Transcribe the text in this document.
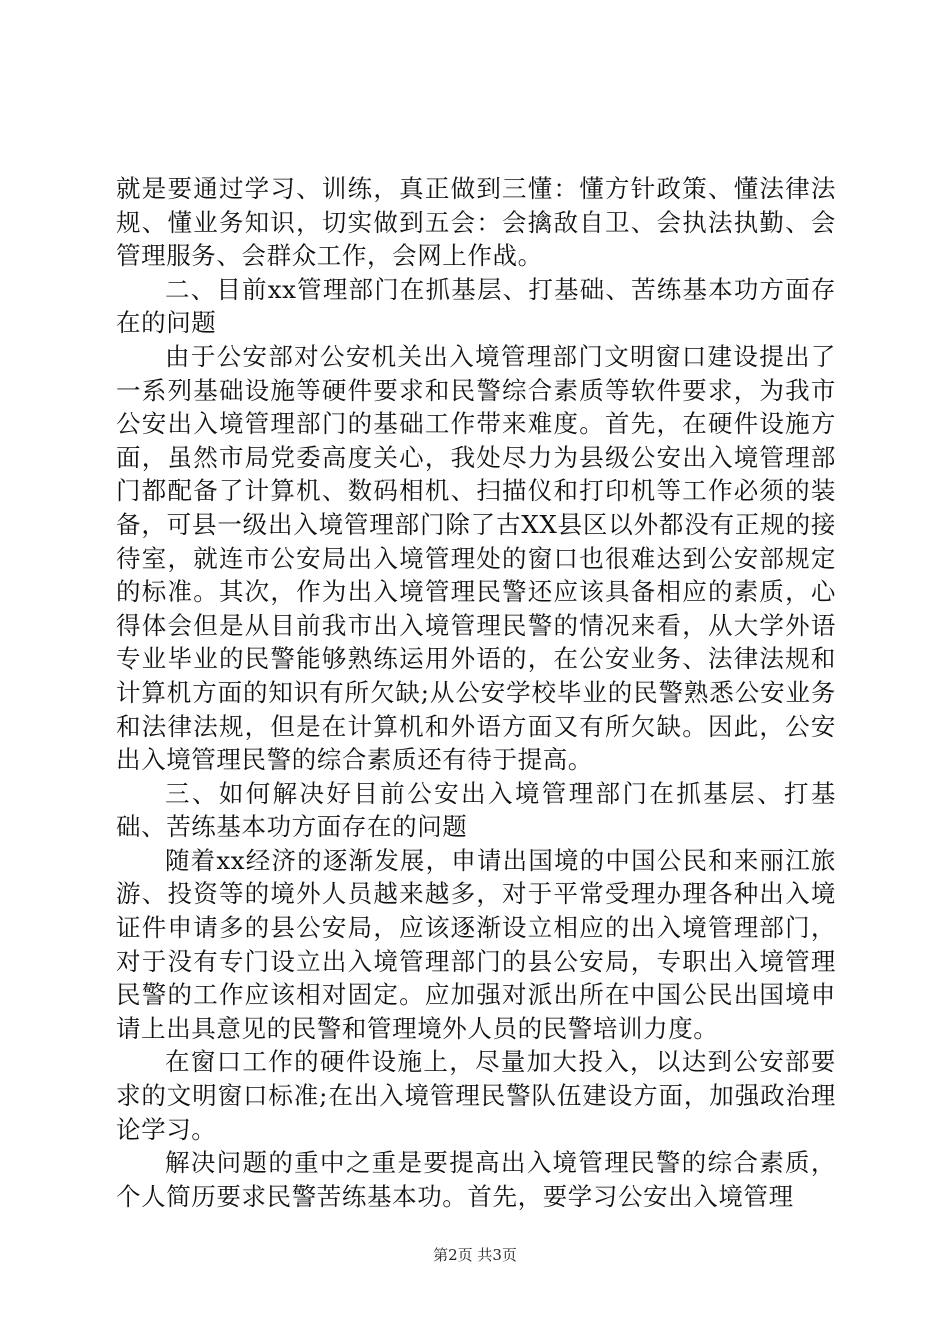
就是要通过学习、训练，真正做到三懂：懂方针政策、懂法律法规、懂业务知识，切实做到五会：会擒敌自卫、会执法执勤、会管理服务、会群众工作，会网上作战。

二、目前xx管理部门在抓基层、打基础、苦练基本功方面存在的问题

由于公安部对公安机关出入境管理部门文明窗口建设提出了一系列基础设施等硬件要求和民警综合素质等软件要求，为我市公安出入境管理部门的基础工作带来难度。首先，在硬件设施方面，虽然市局党委高度关心，我处尽力为县级公安出入境管理部门都配备了计算机、数码相机、扫描仪和打印机等工作必须的装备，可县一级出入境管理部门除了古XX县区以外都没有正规的接待室，就连市公安局出入境管理处的窗口也很难达到公安部规定的标准。其次，作为出入境管理民警还应该具备相应的素质，心得体会但是从目前我市出入境管理民警的情况来看，从大学外语专业毕业的民警能够熟练运用外语的，在公安业务、法律法规和计算机方面的知识有所欠缺;从公安学校毕业的民警熟悉公安业务和法律法规，但是在计算机和外语方面又有所欠缺。因此，公安出入境管理民警的综合素质还有待于提高。

三、如何解决好目前公安出入境管理部门在抓基层、打基础、苦练基本功方面存在的问题

随着xx经济的逐渐发展，申请出国境的中国公民和来丽江旅游、投资等的境外人员越来越多，对于平常受理办理各种出入境证件申请多的县公安局，应该逐渐设立相应的出入境管理部门，对于没有专门设立出入境管理部门的县公安局，专职出入境管理民警的工作应该相对固定。应加强对派出所在中国公民出国境申请上出具意见的民警和管理境外人员的民警培训力度。

在窗口工作的硬件设施上，尽量加大投入，以达到公安部要求的文明窗口标准;在出入境管理民警队伍建设方面，加强政治理论学习。

解决问题的重中之重是要提高出入境管理民警的综合素质，个人简历要求民警苦练基本功。首先，要学习公安出入境管理

第2页 共3页
